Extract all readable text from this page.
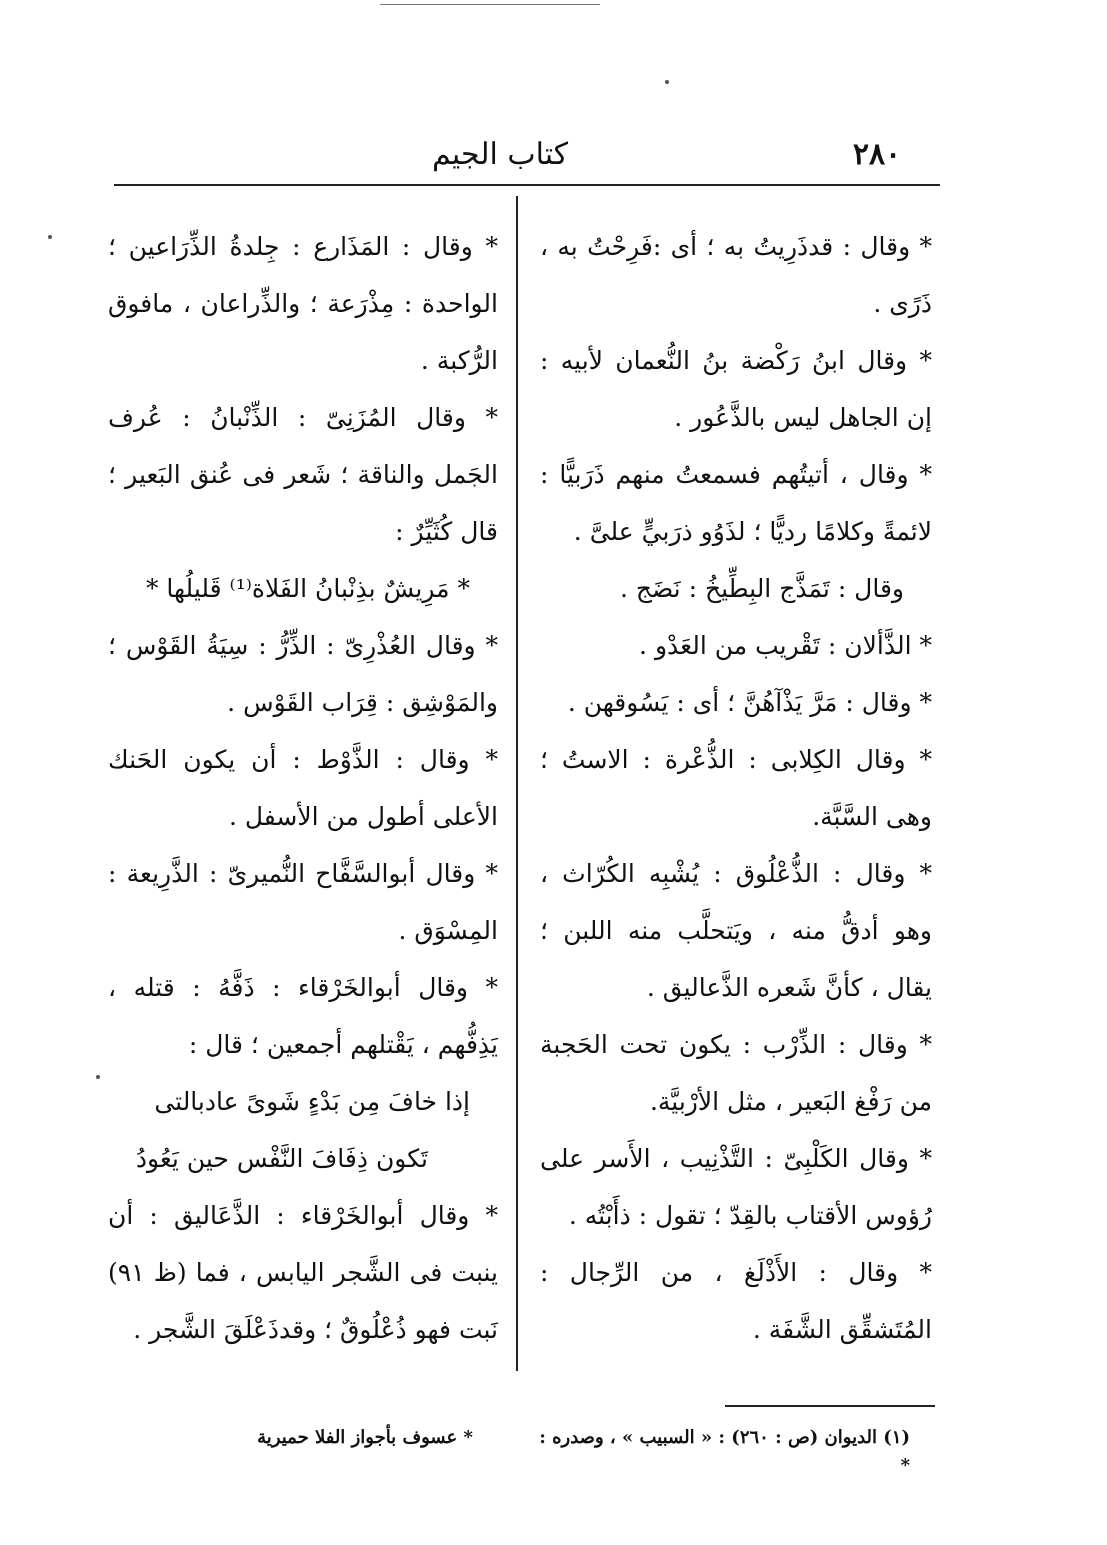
٢٨٠
كتاب الجيم

* وقال : قدذَرِيتُ به ؛ أى :فَرِحْتُ به ، ذَرًى .

* وقال ابنُ رَكْضة بنُ النُّعمان لأبيه : إن الجاهل ليس بالذَّعُور .

* وقال ، أتيتُهم فسمعتُ منهم ذَرَبيًّا : لائمةً وكلامًا رديًّا ؛ لذَوُو ذرَبيٍّ علىَّ .

وقال : تَمَذَّج البِطِّيخُ : نَضَج .

* الذَّألان : تَقْريب من العَدْو .

* وقال : مَرَّ يَذْآهُنَّ ؛ أى : يَسُوقهن .

* وقال الكِلابى : الذُّعْرة : الاستُ ؛ وهى السَّبَّة.

* وقال : الذُّعْلُوق : يُشْبِه الكُرّاث ، وهو أدقُّ منه ، ويَتحلَّب منه اللبن ؛ يقال ، كأنَّ شَعره الذَّعاليق .

* وقال : الذِّرْب : يكون تحت الحَجبة من رَفْغ البَعير ، مثل الأرْبيَّة.

* وقال الكَلْبِىّ : التَّذْنِيب ، الأَسر على رُؤوس الأقتاب بالقِدّ ؛ تقول : ذأَبْتُه .

* وقال : الأَذْلَغ ، من الرِّجال : المُتَشقِّق الشَّفَة .

* وقال : المَذَارع : جِلدةُ الذِّرَاعين ؛ الواحدة : مِذْرَعة ؛ والذِّراعان ، مافوق الرُّكبة .

* وقال المُزَنِىّ : الذِّنْبانُ : عُرف الجَمل والناقة ؛ شَعر فى عُنق البَعير ؛ قال كُثَيِّرٌ :

* مَرِيشٌ بذِنْبانُ الفَلاة⁽¹⁾ قَليلُها *

* وقال العُذْرِىّ : الذِّرُّ : سِيَةُ القَوْس ؛ والمَوْشِق : قِرَاب القَوْس .

* وقال : الذَّوْط : أن يكون الحَنك الأعلى أطول من الأسفل .

* وقال أبوالسَّفَّاح النُّميرىّ : الذَّرِيعة : المِسْوَق .

* وقال أبوالخَرْقاء : ذَفَّهُ : قتله ، يَذِفُّهم ، يَقْتلهم أجمعين ؛ قال :

إذا خافَ مِن بَدْءٍ شَوىً عادبالتى

تَكون ذِفَافَ النَّفْس حين يَعُودُ

* وقال أبوالخَرْقاء : الذَّعَاليق : أن ينبت فى الشَّجر اليابس ، فما (ظ ٩١) نَبت فهو ذُعْلُوقٌ ؛ وقدذَعْلَقَ الشَّجر .

(١) الديوان (ص : ٢٦٠) : « السبيب » ، وصدره : * عسوف بأجواز الفلا حميرية *
